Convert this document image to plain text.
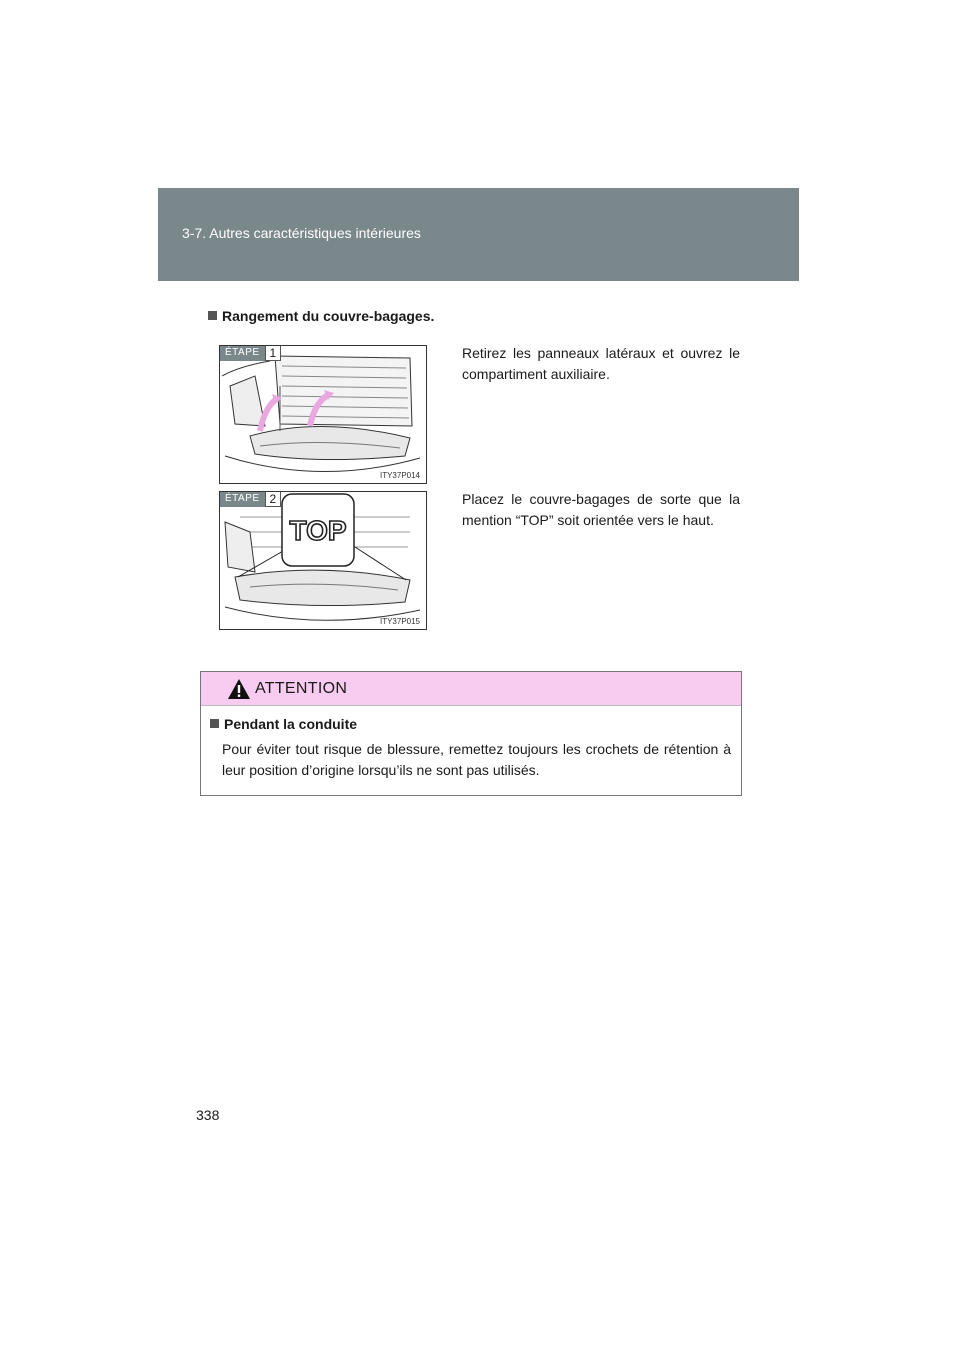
3-7. Autres caractéristiques intérieures
Rangement du couvre-bagages.
ÉTAPE 1
ITY37P014
Retirez les panneaux latéraux et ouvrez le compartiment auxiliaire.
TOP
ÉTAPE 2
ITY37P015
Placez le couvre-bagages de sorte que la mention “TOP” soit orientée vers le haut.
ATTENTION
Pendant la conduite
Pour éviter tout risque de blessure, remettez toujours les crochets de rétention à leur position d’origine lorsqu’ils ne sont pas utilisés.
338
